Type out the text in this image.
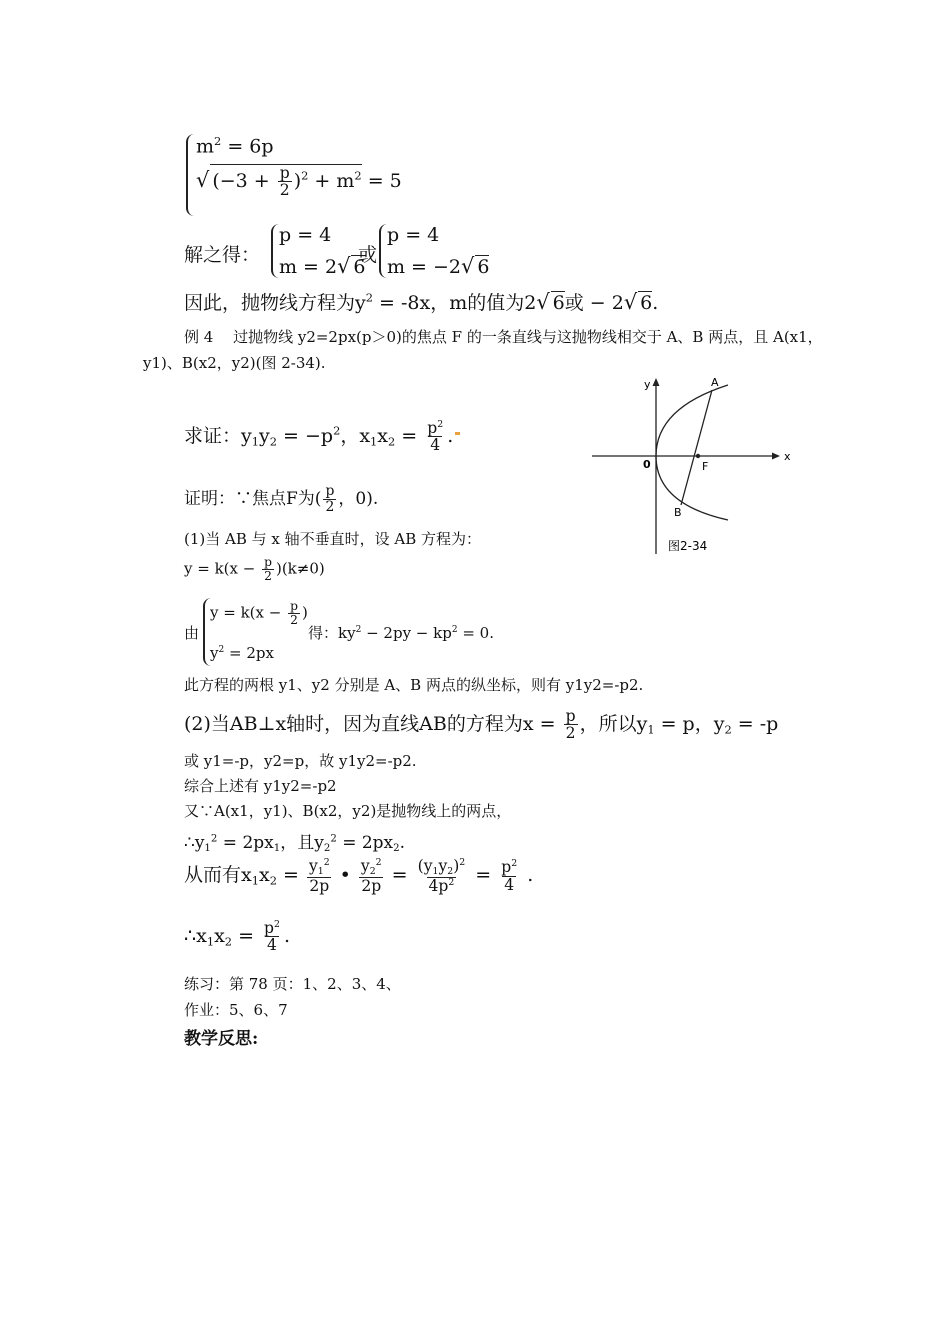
$m^2 = 6p$
√ $(-3 + \frac{p}{2} )^2 + m^2 = 5$
解之得：
p = 4
m = 2√ 6
或
p = 4
m = −2√ 6
因此，抛物线方程为$y^2 = -8x$，m的值为2√ 6或 − 2√ 6.
例 4　 过抛物线 y2=2px(p＞0)的焦点 F 的一条直线与这抛物线相交于 A、B 两点，且 A(x1，
y1)、B(x2，y2)(图 2-34).
求证：$y_1y_2 = -p^2$，$x_1x_2 = \frac{p^2}{4}$ .
证明：∵焦点F为( $\frac{p}{2}$ ，0).
(1)当 AB 与 x 轴不垂直时，设 AB 方程为：
$y = k(x - \frac{p}{2} )(k\ne 0)$
由
$y = k(x - \frac{p}{2}$ )
$y^2 = 2px$
得：$ky^2 - 2py - kp^2 = 0$.
此方程的两根 y1、y2 分别是 A、B 两点的纵坐标，则有 y1y2=-p2.
(2)当AB⊥x轴时，因为直线AB的方程为$x = \frac{p}{2}$ ，所以$y_1 = p$，$y_2 = -p$
或 y1=-p，y2=p，故 y1y2=-p2.
综合上述有 y1y2=-p2
又∵A(x1，y1)、B(x2，y2)是抛物线上的两点，
$\therefore y_1^2 = 2px_1$，且$y_2^2 = 2px_2$.
从而有$x_1x_2 = \frac{y_1^2}{2p}$ • $\frac{y_2^2}{2p} = \frac{(y_1y_2)^2}{4p^2} = \frac{p^2}{4}$ .
$\therefore x_1x_2 = \frac{p^2}{4}$ .
练习：第 78 页：1、2、3、4、
作业：5、6、7
教学反思:
y
x
0
A
B
F
图2-34
